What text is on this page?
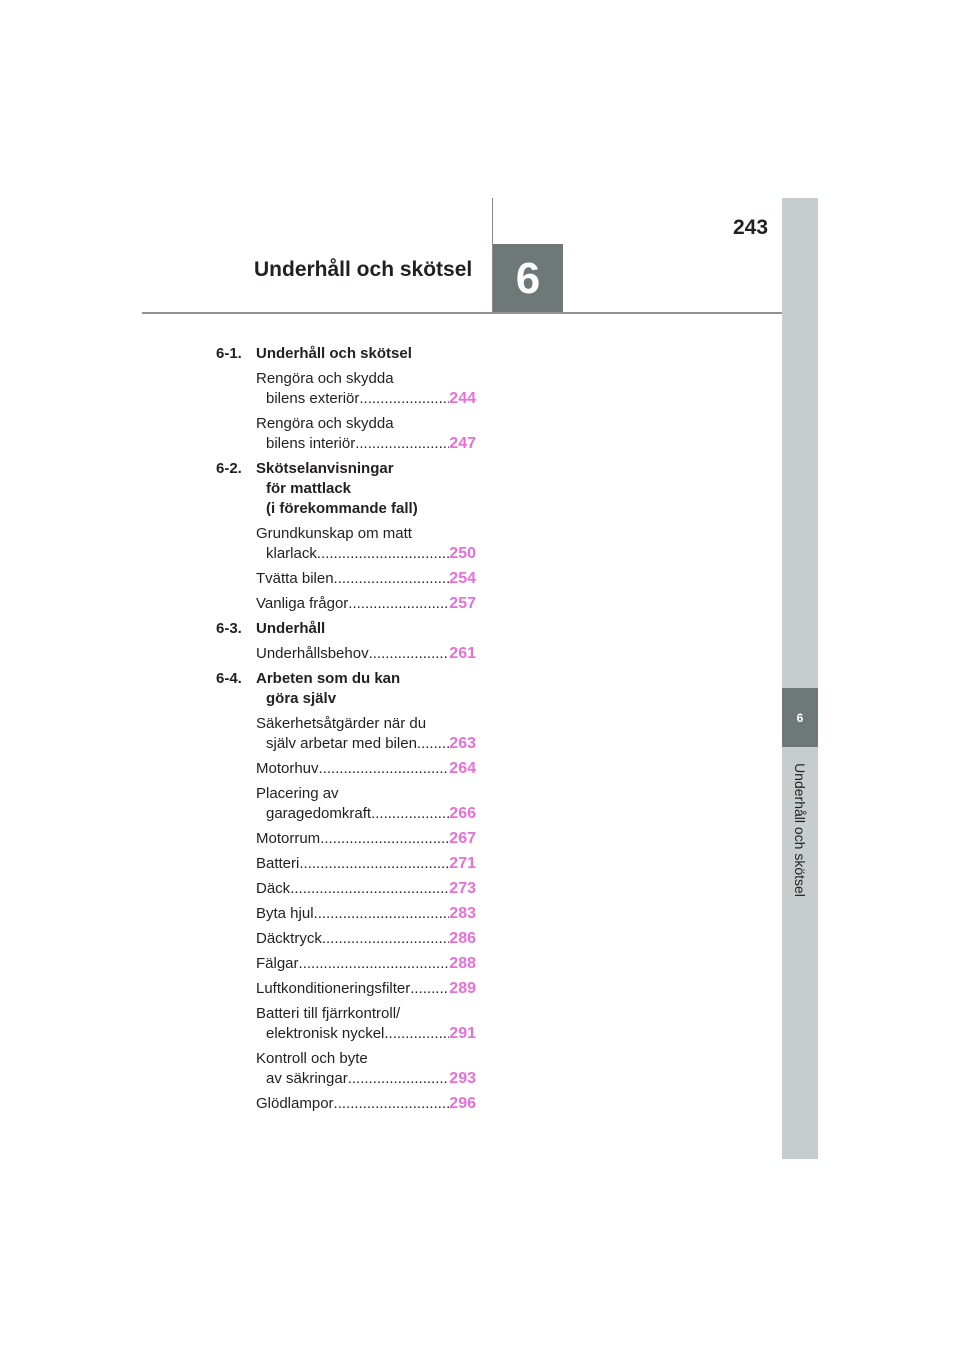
243
6
Underhåll och skötsel
6
Underhåll och skötsel
6-1. Underhåll och skötsel
Rengöra och skydda
bilens exteriör .....	244
Rengöra och skydda
bilens interiör .....	247
6-2. Skötselanvisningar
för mattlack
(i förekommande fall)
Grundkunskap om matt
klarlack .....	250
Tvätta bilen .....	254
Vanliga frågor .....	257
6-3. Underhåll
Underhållsbehov .....	261
6-4. Arbeten som du kan
göra själv
Säkerhetsåtgärder när du
själv arbetar med bilen ..... 263
Motorhuv .....	264
Placering av
garagedomkraft .....	266
Motorrum .....	267
Batteri .....	271
Däck .....	273
Byta hjul .....	283
Däcktryck .....	286
Fälgar .....	288
Luftkonditioneringsfilter ..... 289
Batteri till fjärrkontroll/
elektronisk nyckel .....	291
Kontroll och byte
av säkringar .....	293
Glödlampor .....	296
